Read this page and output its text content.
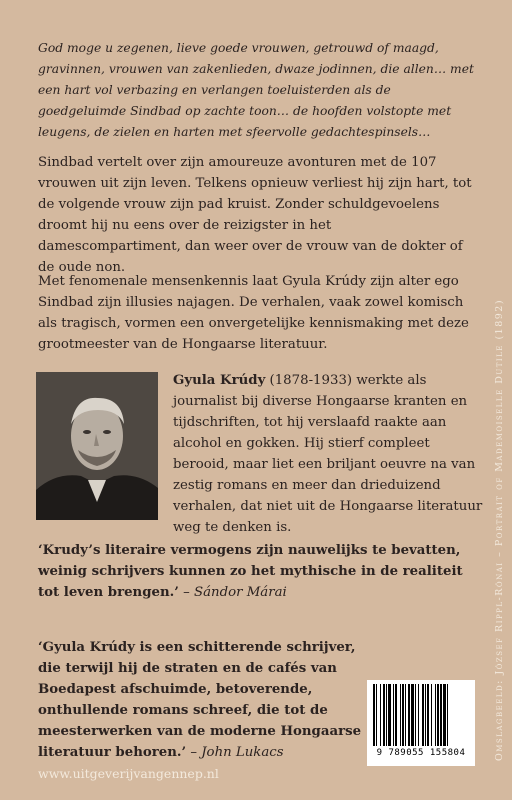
God moge u zegenen, lieve goede vrouwen, getrouwd of maagd, gravinnen, vrouwen van zakenlieden, dwaze jodinnen, die allen… met een hart vol verbazing en verlangen toeluisterden als de goedgeluimde Sindbad op zachte toon… de hoofden volstopte met leugens, de zielen en harten met sfeervolle gedachtespinsels…
Sindbad vertelt over zijn amoureuze avonturen met de 107 vrouwen uit zijn leven. Telkens opnieuw verliest hij zijn hart, tot de volgende vrouw zijn pad kruist. Zonder schuldgevoelens droomt hij nu eens over de reizigster in het damescompartiment, dan weer over de vrouw van de dokter of de oude non.
Met fenomenale mensenkennis laat Gyula Krúdy zijn alter ego Sindbad zijn illusies najagen. De verhalen, vaak zowel komisch als tragisch, vormen een onvergetelijke kennismaking met deze grootmeester van de Hongaarse literatuur.
Gyula Krúdy (1878-1933) werkte als journalist bij diverse Hongaarse kranten en tijdschriften, tot hij verslaafd raakte aan alcohol en gokken. Hij stierf compleet berooid, maar liet een briljant oeuvre na van zestig romans en meer dan drieduizend verhalen, dat niet uit de Hongaarse literatuur weg te denken is.
‘Krudy’s literaire vermogens zijn nauwelijks te bevatten, weinig schrijvers kunnen zo het mythische in de realiteit tot leven brengen.’ – Sándor Márai
‘Gyula Krúdy is een schitterende schrijver, die terwijl hij de straten en de cafés van Boedapest afschuimde, betoverende, onthullende romans schreef, die tot de meesterwerken van de moderne Hongaarse literatuur behoren.’ – John Lukacs	9 789055 155804
www.uitgeverijvangennep.nl
Omslagbeeld: József Rippl-Rónai – Portrait of Mademoiselle Dutile (1892)
